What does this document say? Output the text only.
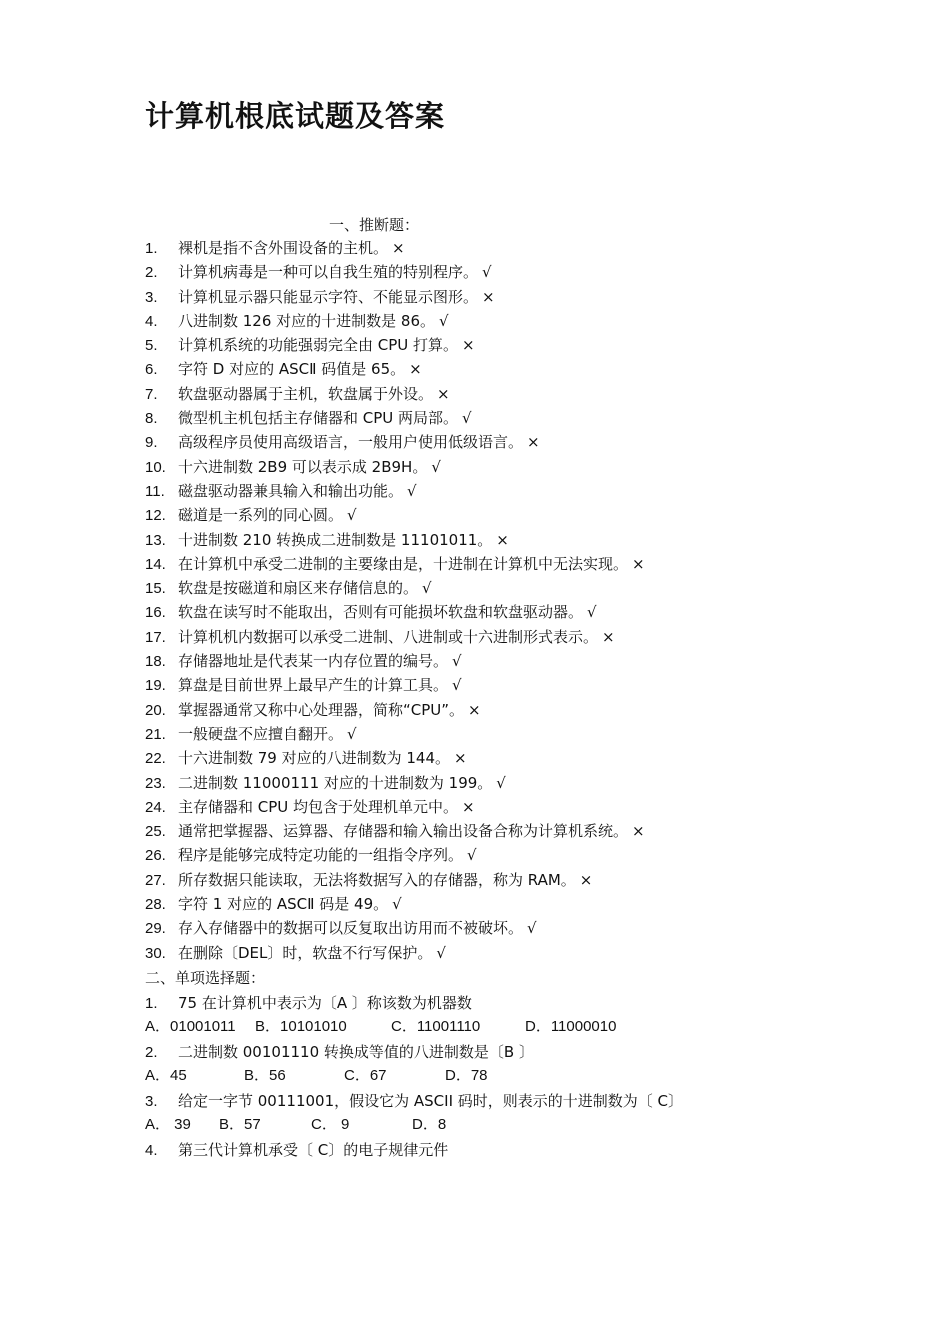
计算机根底试题及答案
一、推断题：
1. 裸机是指不含外围设备的主机。 ×
2. 计算机病毒是一种可以自我生殖的特别程序。 √
3. 计算机显示器只能显示字符、不能显示图形。 ×
4. 八进制数 126 对应的十进制数是 86。 √
5. 计算机系统的功能强弱完全由 CPU 打算。 ×
6. 字符 D 对应的 ASCⅡ 码值是 65。 ×
7. 软盘驱动器属于主机，软盘属于外设。 ×
8. 微型机主机包括主存储器和 CPU 两局部。 √
9. 高级程序员使用高级语言，一般用户使用低级语言。 ×
10. 十六进制数 2B9 可以表示成 2B9H。 √
11. 磁盘驱动器兼具输入和输出功能。 √
12. 磁道是一系列的同心圆。 √
13. 十进制数 210 转换成二进制数是 11101011。 ×
14. 在计算机中承受二进制的主要缘由是，十进制在计算机中无法实现。 ×
15. 软盘是按磁道和扇区来存储信息的。 √
16. 软盘在读写时不能取出，否则有可能损坏软盘和软盘驱动器。 √
17. 计算机机内数据可以承受二进制、八进制或十六进制形式表示。 ×
18. 存储器地址是代表某一内存位置的编号。 √
19. 算盘是目前世界上最早产生的计算工具。 √
20. 掌握器通常又称中心处理器，简称“CPU”。 ×
21. 一般硬盘不应擅自翻开。 √
22. 十六进制数 79 对应的八进制数为 144。 ×
23. 二进制数 11000111 对应的十进制数为 199。 √
24. 主存储器和 CPU 均包含于处理机单元中。 ×
25. 通常把掌握器、运算器、存储器和输入输出设备合称为计算机系统。 ×
26. 程序是能够完成特定功能的一组指令序列。 √
27. 所存数据只能读取，无法将数据写入的存储器，称为 RAM。 ×
28. 字符 1 对应的 ASCⅡ 码是 49。 √
29. 存入存储器中的数据可以反复取出访用而不被破坏。 √
30. 在删除〔DEL〕时，软盘不行写保护。 √
二、单项选择题：
1. 75 在计算机中表示为〔A 〕称该数为机器数
A．01001011	B．10101010	C．11001110	D．11000010
2. 二进制数 00101110 转换成等值的八进制数是〔B 〕
A．45	B．56	C．67	D．78
3. 给定一字节 00111001，假设它为 ASCII 码时，则表示的十进制数为〔 C〕
A． 39	B．57	C． 9	D．8
4. 第三代计算机承受〔 C〕的电子规律元件
